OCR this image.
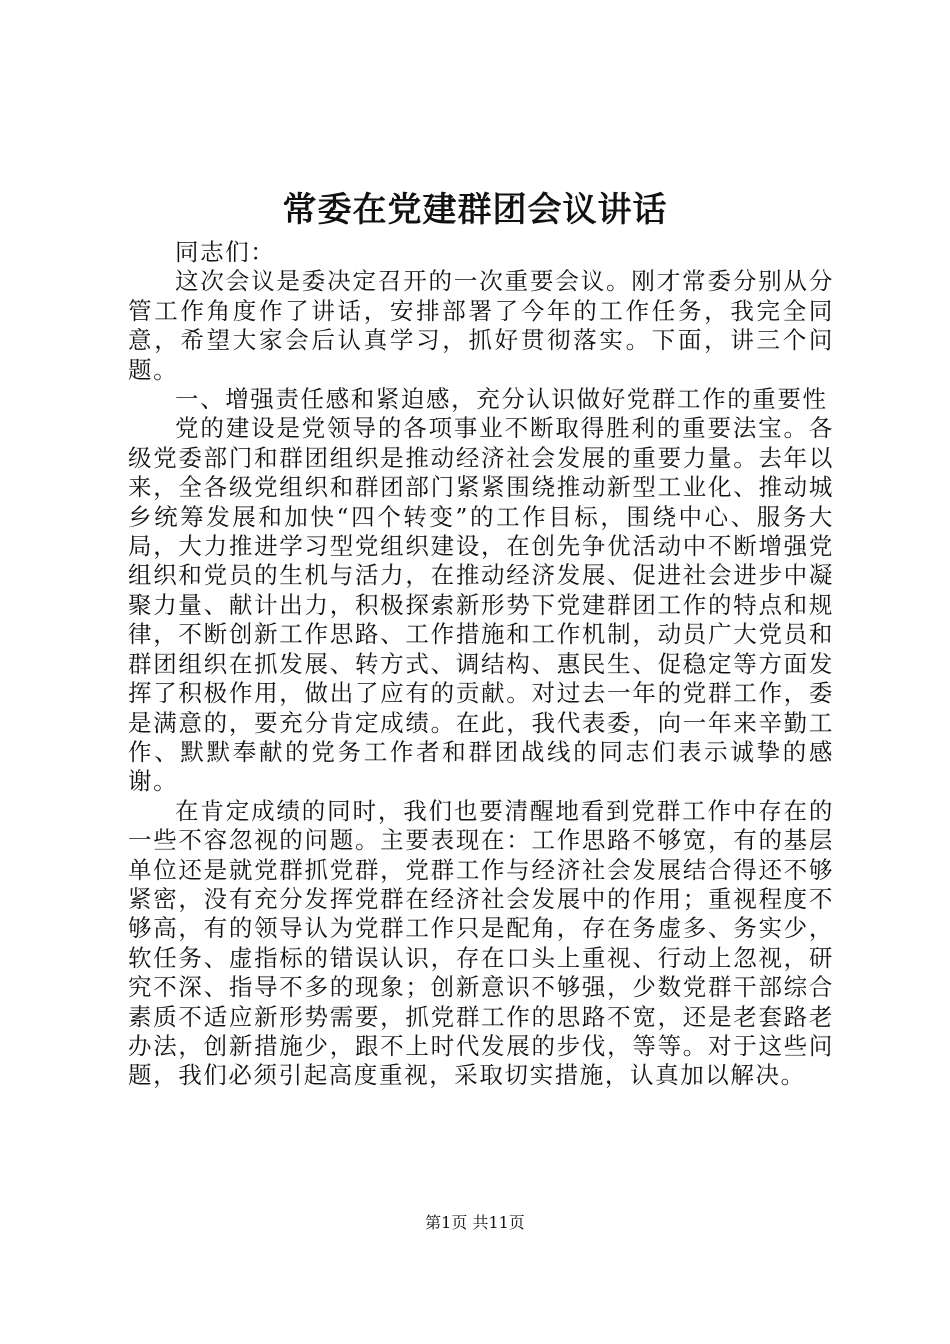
常委在党建群团会议讲话

同志们：

这次会议是委决定召开的一次重要会议。刚才常委分别从分管工作角度作了讲话，安排部署了今年的工作任务，我完全同意，希望大家会后认真学习，抓好贯彻落实。下面，讲三个问题。

一、增强责任感和紧迫感，充分认识做好党群工作的重要性

党的建设是党领导的各项事业不断取得胜利的重要法宝。各级党委部门和群团组织是推动经济社会发展的重要力量。去年以来，全各级党组织和群团部门紧紧围绕推动新型工业化、推动城乡统筹发展和加快“四个转变”的工作目标，围绕中心、服务大局，大力推进学习型党组织建设，在创先争优活动中不断增强党组织和党员的生机与活力，在推动经济发展、促进社会进步中凝聚力量、献计出力，积极探索新形势下党建群团工作的特点和规律，不断创新工作思路、工作措施和工作机制，动员广大党员和群团组织在抓发展、转方式、调结构、惠民生、促稳定等方面发挥了积极作用，做出了应有的贡献。对过去一年的党群工作，委是满意的，要充分肯定成绩。在此，我代表委，向一年来辛勤工作、默默奉献的党务工作者和群团战线的同志们表示诚挚的感谢。

在肯定成绩的同时，我们也要清醒地看到党群工作中存在的一些不容忽视的问题。主要表现在：工作思路不够宽，有的基层单位还是就党群抓党群，党群工作与经济社会发展结合得还不够紧密，没有充分发挥党群在经济社会发展中的作用；重视程度不够高，有的领导认为党群工作只是配角，存在务虚多、务实少，软任务、虚指标的错误认识，存在口头上重视、行动上忽视，研究不深、指导不多的现象；创新意识不够强，少数党群干部综合素质不适应新形势需要，抓党群工作的思路不宽，还是老套路老办法，创新措施少，跟不上时代发展的步伐，等等。对于这些问题，我们必须引起高度重视，采取切实措施，认真加以解决。

第1页 共11页
